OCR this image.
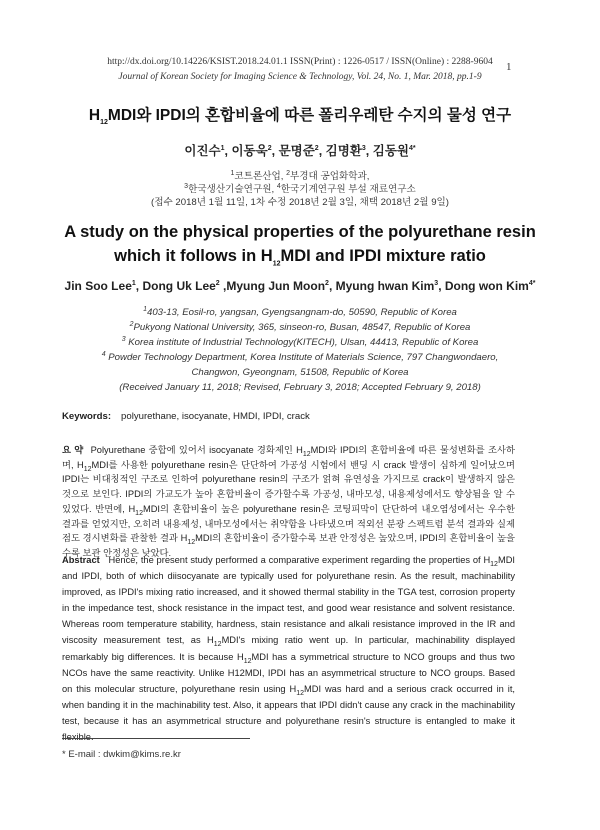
http://dx.doi.org/10.14226/KSIST.2018.24.01.1 ISSN(Print) : 1226-0517 / ISSN(Online) : 2288-9604
Journal of Korean Society for Imaging Science & Technology, Vol. 24, No. 1, Mar. 2018, pp.1-9
1
$H_{12}MDI$와 IPDI의 혼합비율에 따른 폴리우레탄 수지의 물성 연구
이진수$^1$, 이동욱$^2$, 문명준$^2$, 김명환$^3$, 김동원$^{4*}$
$^1$코트론산업, $^2$부경대 공업화학과,
$^3$한국생산기술연구원, $^4$한국기계연구원 부설 재료연구소
(접수 2018년 1월 11일, 1차 수정 2018년 2월 3일, 채택 2018년 2월 9일)
A study on the physical properties of the polyurethane resin
which it follows in $H_{12}MDI$ and IPDI mixture ratio
Jin Soo Lee$^1$, Dong Uk Lee$^2$ ,Myung Jun Moon$^2$, Myung hwan Kim$^3$, Dong won Kim$^{4*}$
$^1$403-13, Eosil-ro, yangsan, Gyengsangnam-do, 50590, Republic of Korea
$^2$Pukyong National University, 365, sinseon-ro, Busan, 48547, Republic of Korea
$^3$ Korea institute of Industrial Technology(KITECH), Ulsan, 44413, Republic of Korea
$^4$ Powder Technology Department, Korea Institute of Materials Science, 797 Changwondaero,
Changwon, Gyeongnam, 51508, Republic of Korea
(Received January 11, 2018; Revised, February 3, 2018; Accepted February 9, 2018)
Keywords: polyurethane, isocyanate, HMDI, IPDI, crack
요 약 Polyurethane 중합에 있어서 isocyanate 경화제인 $H_{12}MDI$와 IPDI의 혼합비율에 따른 물성변화를 조사하며, $H_{12}MDI$를 사용한 polyurethane resin은 단단하여 가공성 시험에서 밴딩 시 crack 발생이 심하게 일어났으며 IPDI는 비대칭적인 구조로 인하여 polyurethane resin의 구조가 얽혀 유연성을 가지므로 crack이 발생하지 않은 것으로 보인다. IPDI의 가교도가 높아 혼합비율이 증가할수록 가공성, 내마모성, 내용제성에서도 향상됨을 알 수 있었다. 반면에, $H_{12}MDI$의 혼합비율이 높은 polyurethane resin은 코팅피막이 단단하여 내오염성에서는 우수한 결과를 얻었지만, 오히려 내용제성, 내마모성에서는 취약함을 나타냈으며 적외선 분광 스펙트럼 분석 결과와 실제 점도 경시변화를 관찰한 결과 $H_{12}MDI$의 혼합비율이 증가할수록 보관 안정성은 높았으며, IPDI의 혼합비율이 높을수록 보관 안정성은 낮았다.
Abstract Hence, the present study performed a comparative experiment regarding the properties of $H_{12}MDI$ and IPDI, both of which diisocyanate are typically used for polyurethane resin. As the result, machinability improved, as IPDI's mixing ratio increased, and it showed thermal stability in the TGA test, corrosion property in the impedance test, shock resistance in the impact test, and good wear resistance and solvent resistance. Whereas room temperature stability, hardness, stain resistance and alkali resistance improved in the IR and viscosity measurement test, as $H_{12}MDI's$ mixing ratio went up. In particular, machinability displayed remarkably big differences. It is because $H_{12}MDI$ has a symmetrical structure to NCO groups and thus two NCOs have the same reactivity. Unlike H12MDI, IPDI has an asymmetrical structure to NCO groups. Based on this molecular structure, polyurethane resin using $H_{12}MDI$ was hard and a serious crack occurred in it, when banding it in the machinability test. Also, it appears that IPDI didn't cause any crack in the machinability test, because it has an asymmetrical structure and polyurethane resin's structure is entangled to make it flexible.
* E-mail : dwkim@kims.re.kr
